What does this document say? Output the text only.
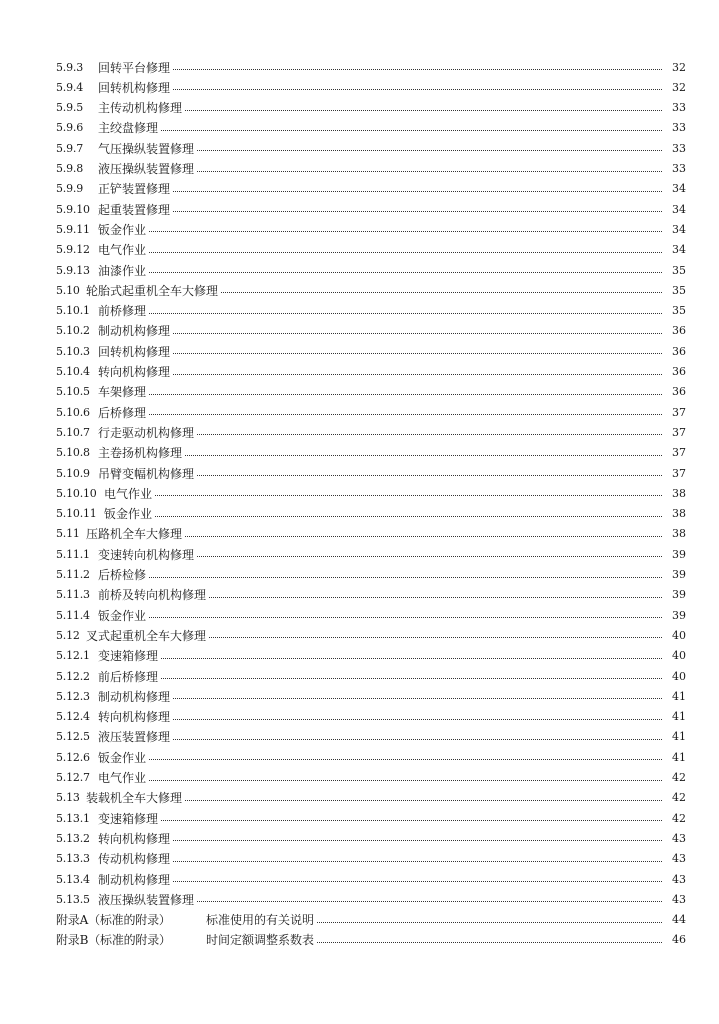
5.9.3	回转平台修理	32
5.9.4	回转机构修理	32
5.9.5	主传动机构修理	33
5.9.6	主绞盘修理	33
5.9.7	气压操纵装置修理	33
5.9.8	液压操纵装置修理	33
5.9.9	正铲装置修理	34
5.9.10 起重装置修理	34
5.9.11 钣金作业	34
5.9.12 电气作业	34
5.9.13 油漆作业	35
5.10 轮胎式起重机全车大修理	35
5.10.1 前桥修理	35
5.10.2 制动机构修理	36
5.10.3 回转机构修理	36
5.10.4 转向机构修理	36
5.10.5 车架修理	36
5.10.6 后桥修理	37
5.10.7 行走驱动机构修理	37
5.10.8 主卷扬机构修理	37
5.10.9 吊臂变幅机构修理	37
5.10.10 电气作业	38
5.10.11 钣金作业	38
5.11 压路机全车大修理	38
5.11.1 变速转向机构修理	39
5.11.2 后桥检修	39
5.11.3 前桥及转向机构修理	39
5.11.4 钣金作业	39
5.12 叉式起重机全车大修理	40
5.12.1 变速箱修理	40
5.12.2 前后桥修理	40
5.12.3 制动机构修理	41
5.12.4 转向机构修理	41
5.12.5 液压装置修理	41
5.12.6 钣金作业	41
5.12.7 电气作业	42
5.13 装载机全车大修理	42
5.13.1 变速箱修理	42
5.13.2 转向机构修理	43
5.13.3 传动机构修理	43
5.13.4 制动机构修理	43
5.13.5 液压操纵装置修理	43
附录A（标准的附录）	标准使用的有关说明	44
附录B（标准的附录）	时间定额调整系数表	46
